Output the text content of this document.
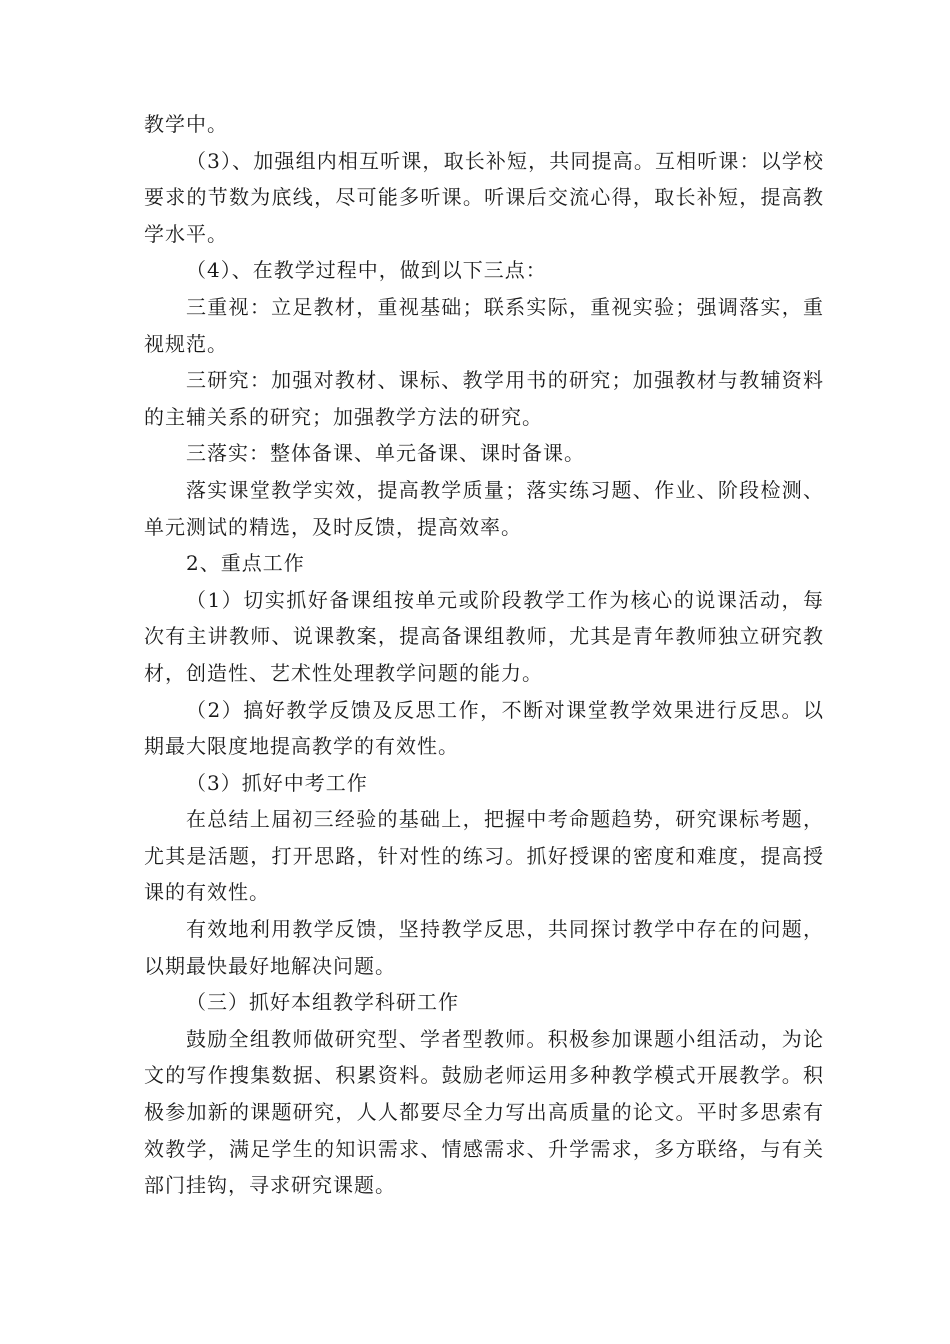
教学中。

（3）、加强组内相互听课，取长补短，共同提高。互相听课：以学校要求的节数为底线，尽可能多听课。听课后交流心得，取长补短，提高教学水平。

（4）、在教学过程中，做到以下三点：

三重视：立足教材，重视基础；联系实际，重视实验；强调落实，重视规范。

三研究：加强对教材、课标、教学用书的研究；加强教材与教辅资料的主辅关系的研究；加强教学方法的研究。

三落实：整体备课、单元备课、课时备课。

落实课堂教学实效，提高教学质量；落实练习题、作业、阶段检测、单元测试的精选，及时反馈，提高效率。

2、重点工作

（1）切实抓好备课组按单元或阶段教学工作为核心的说课活动，每次有主讲教师、说课教案，提高备课组教师，尤其是青年教师独立研究教材，创造性、艺术性处理教学问题的能力。

（2）搞好教学反馈及反思工作，不断对课堂教学效果进行反思。以期最大限度地提高教学的有效性。

（3）抓好中考工作

在总结上届初三经验的基础上，把握中考命题趋势，研究课标考题，尤其是活题，打开思路，针对性的练习。抓好授课的密度和难度，提高授课的有效性。

有效地利用教学反馈，坚持教学反思，共同探讨教学中存在的问题，以期最快最好地解决问题。

（三）抓好本组教学科研工作

鼓励全组教师做研究型、学者型教师。积极参加课题小组活动，为论文的写作搜集数据、积累资料。鼓励老师运用多种教学模式开展教学。积极参加新的课题研究，人人都要尽全力写出高质量的论文。平时多思索有效教学，满足学生的知识需求、情感需求、升学需求，多方联络，与有关部门挂钩，寻求研究课题。
